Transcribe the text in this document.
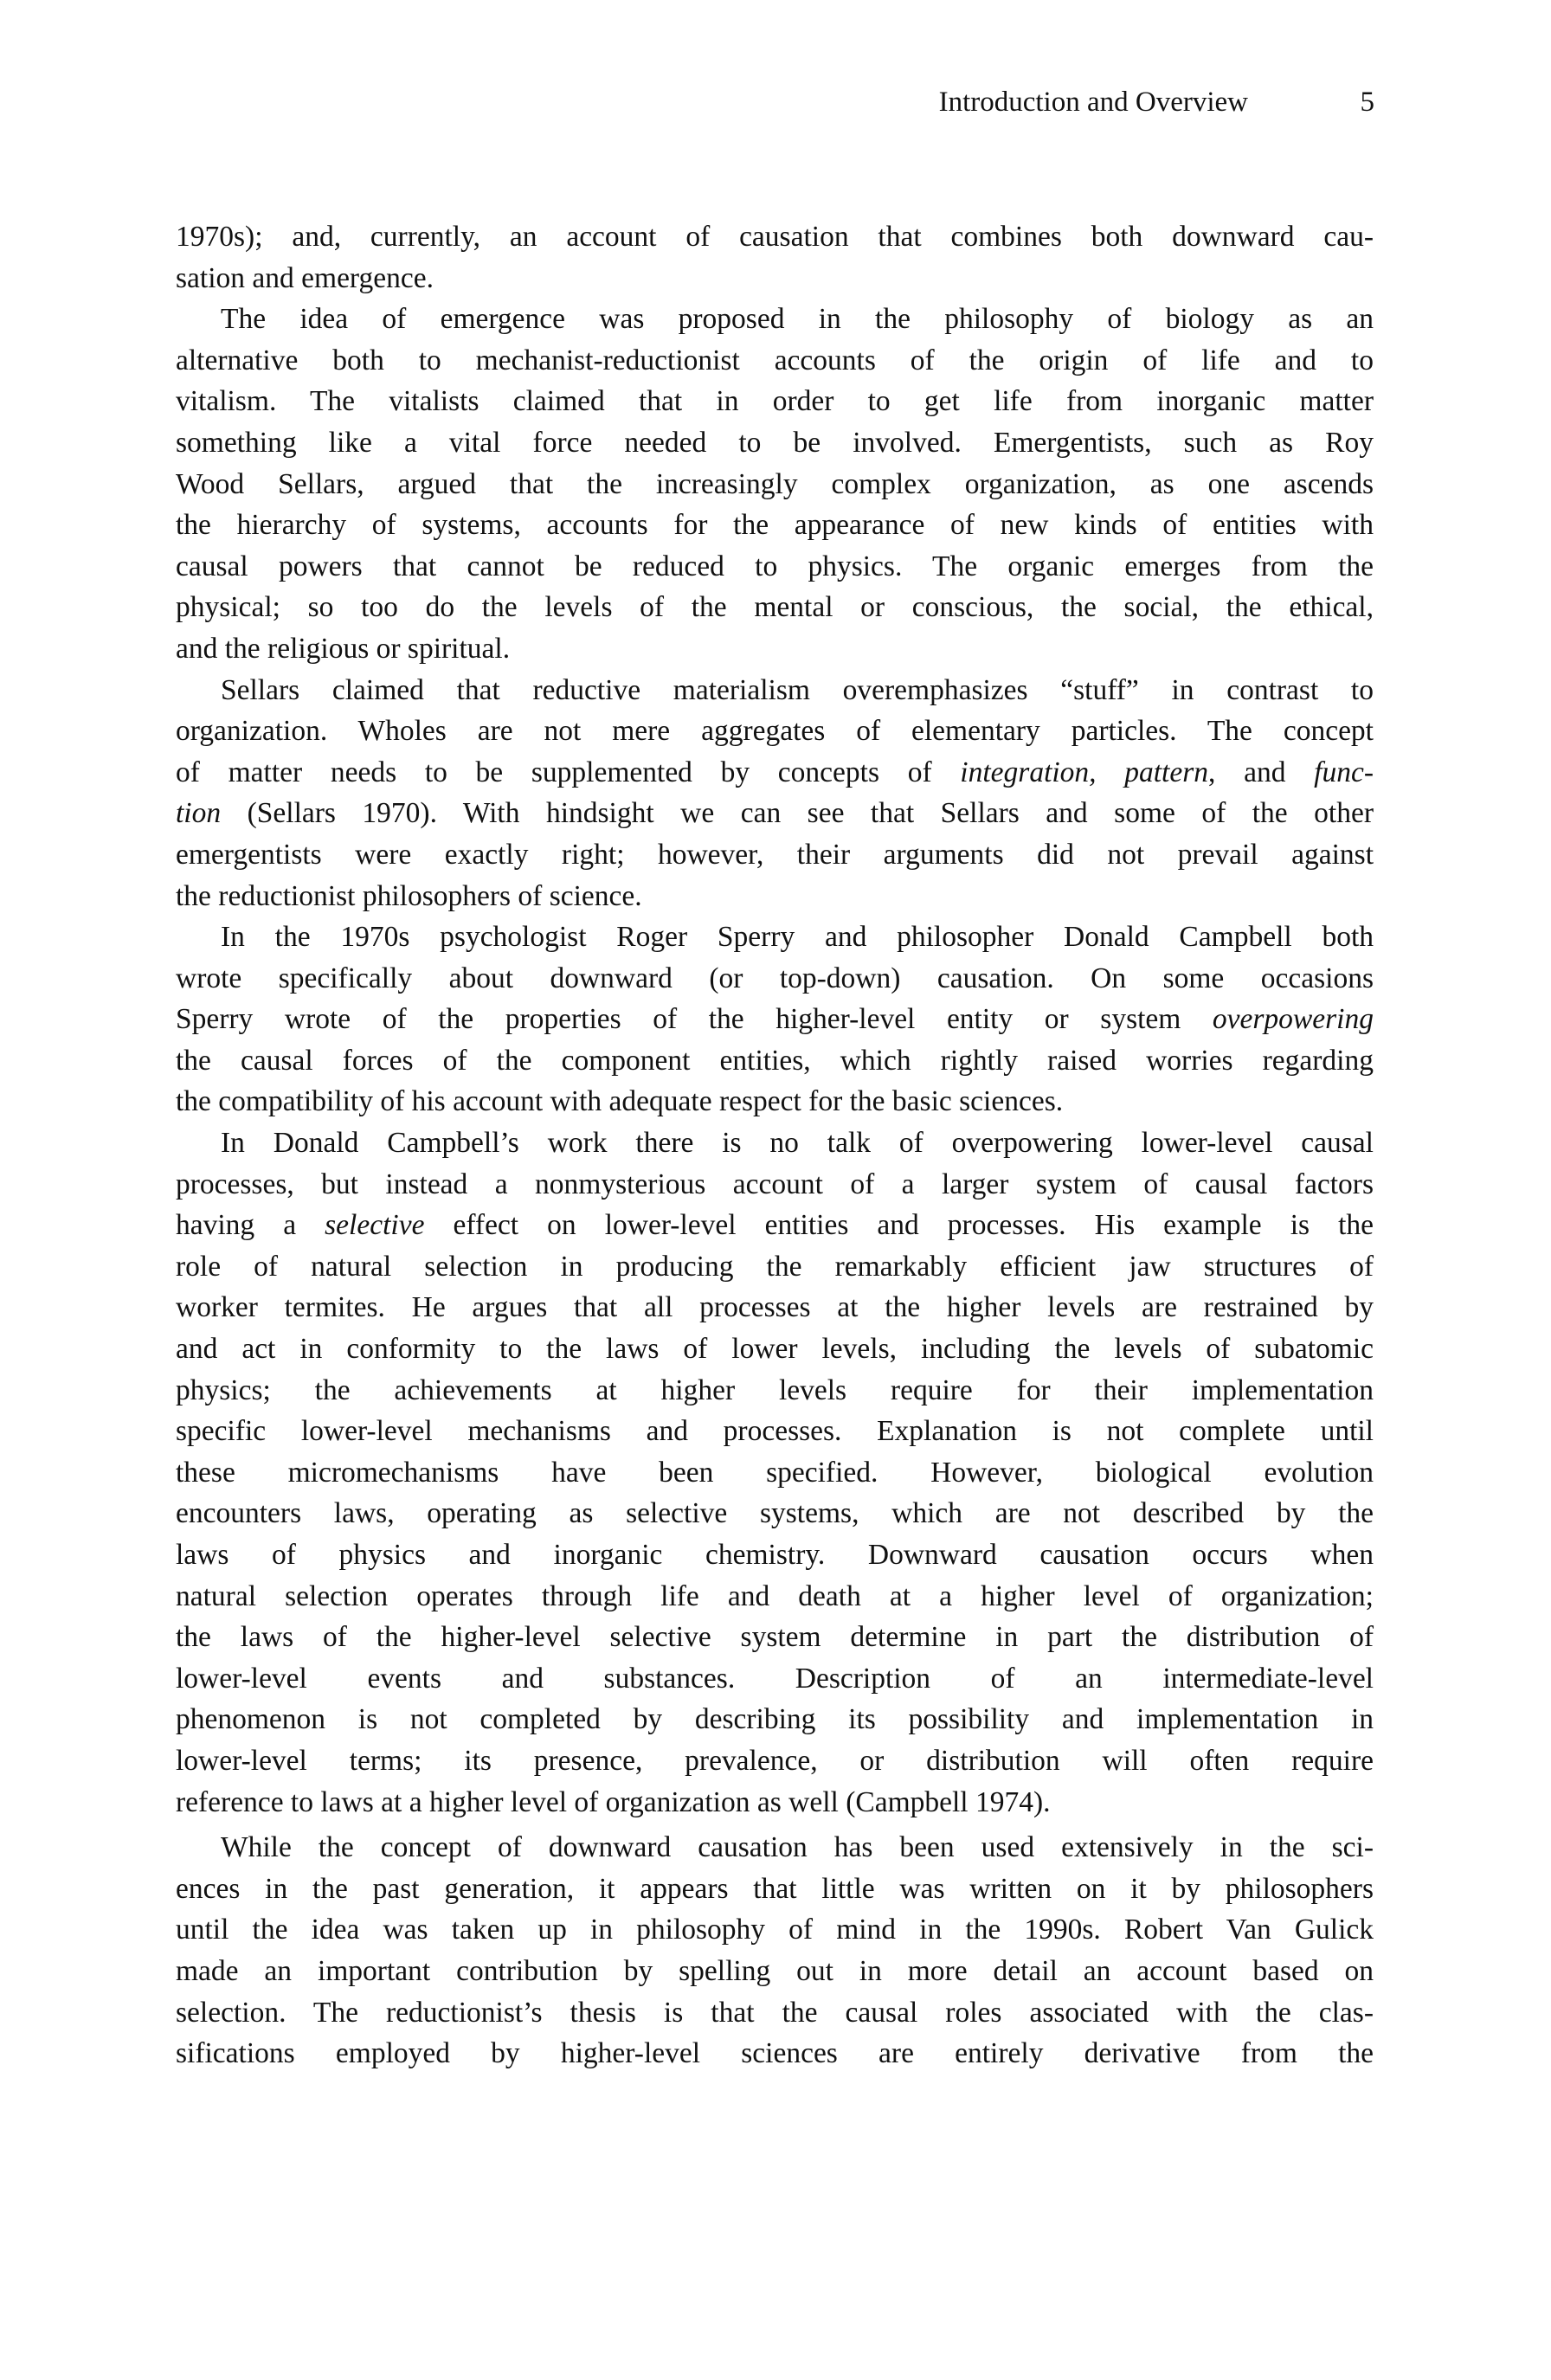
Introduction and Overview	5
1970s); and, currently, an account of causation that combines both downward cau-
sation and emergence.
The idea of emergence was proposed in the philosophy of biology as an
alternative both to mechanist-reductionist accounts of the origin of life and to
vitalism. The vitalists claimed that in order to get life from inorganic matter
something like a vital force needed to be involved. Emergentists, such as Roy
Wood Sellars, argued that the increasingly complex organization, as one ascends
the hierarchy of systems, accounts for the appearance of new kinds of entities with
causal powers that cannot be reduced to physics. The organic emerges from the
physical; so too do the levels of the mental or conscious, the social, the ethical,
and the religious or spiritual.
Sellars claimed that reductive materialism overemphasizes “stuff” in contrast to
organization. Wholes are not mere aggregates of elementary particles. The concept
of matter needs to be supplemented by concepts of integration, pattern, and func-
tion (Sellars 1970). With hindsight we can see that Sellars and some of the other
emergentists were exactly right; however, their arguments did not prevail against
the reductionist philosophers of science.
In the 1970s psychologist Roger Sperry and philosopher Donald Campbell both
wrote specifically about downward (or top-down) causation. On some occasions
Sperry wrote of the properties of the higher-level entity or system overpowering
the causal forces of the component entities, which rightly raised worries regarding
the compatibility of his account with adequate respect for the basic sciences.
In Donald Campbell’s work there is no talk of overpowering lower-level causal
processes, but instead a nonmysterious account of a larger system of causal factors
having a selective effect on lower-level entities and processes. His example is the
role of natural selection in producing the remarkably efficient jaw structures of
worker termites. He argues that all processes at the higher levels are restrained by
and act in conformity to the laws of lower levels, including the levels of subatomic
physics; the achievements at higher levels require for their implementation
specific lower-level mechanisms and processes. Explanation is not complete until
these micromechanisms have been specified. However, biological evolution
encounters laws, operating as selective systems, which are not described by the
laws of physics and inorganic chemistry. Downward causation occurs when
natural selection operates through life and death at a higher level of organization;
the laws of the higher-level selective system determine in part the distribution of
lower-level events and substances. Description of an intermediate-level
phenomenon is not completed by describing its possibility and implementation in
lower-level terms; its presence, prevalence, or distribution will often require
reference to laws at a higher level of organization as well (Campbell 1974).
While the concept of downward causation has been used extensively in the sci-
ences in the past generation, it appears that little was written on it by philosophers
until the idea was taken up in philosophy of mind in the 1990s. Robert Van Gulick
made an important contribution by spelling out in more detail an account based on
selection. The reductionist’s thesis is that the causal roles associated with the clas-
sifications employed by higher-level sciences are entirely derivative from the
